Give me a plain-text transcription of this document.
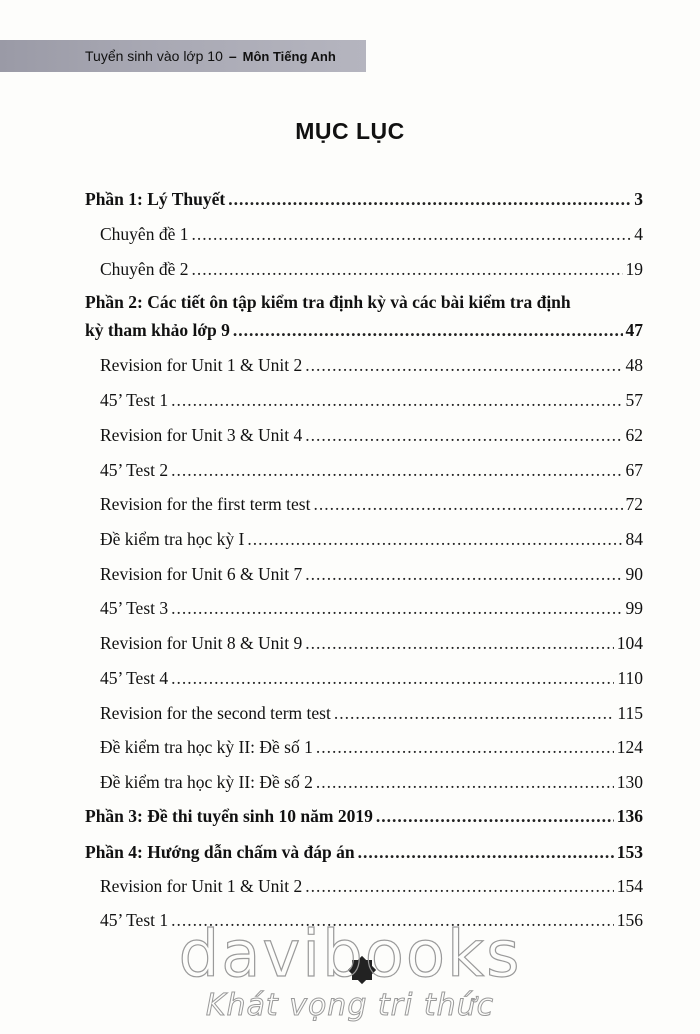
Tuyển sinh vào lớp 10 – Môn Tiếng Anh
MỤC LỤC
Phần 1: Lý Thuyết .....	3
Chuyên đề 1 .....	4
Chuyên đề 2 .....	19
Phần 2: Các tiết ôn tập kiểm tra định kỳ và các bài kiểm tra định
kỳ tham khảo lớp 9 .....	47
Revision for Unit 1 & Unit 2 .....	48
45’ Test 1 .....	57
Revision for Unit 3 & Unit 4 .....	62
45’ Test 2 .....	67
Revision for the first term test .....	72
Đề kiểm tra học kỳ I .....	84
Revision for Unit 6 & Unit 7 .....	90
45’ Test 3 .....	99
Revision for Unit 8 & Unit 9 .....	104
45’ Test 4 .....	110
Revision for the second term test .....	115
Đề kiểm tra học kỳ II: Đề số 1 .....	124
Đề kiểm tra học kỳ II: Đề số 2 .....	130
Phần 3: Đề thi tuyển sinh 10 năm 2019 .....	136
Phần 4: Hướng dẫn chấm và đáp án .....	153
Revision for Unit 1 & Unit 2 .....	154
45’ Test 1 .....	156
davibooks
Khát vọng tri thức
